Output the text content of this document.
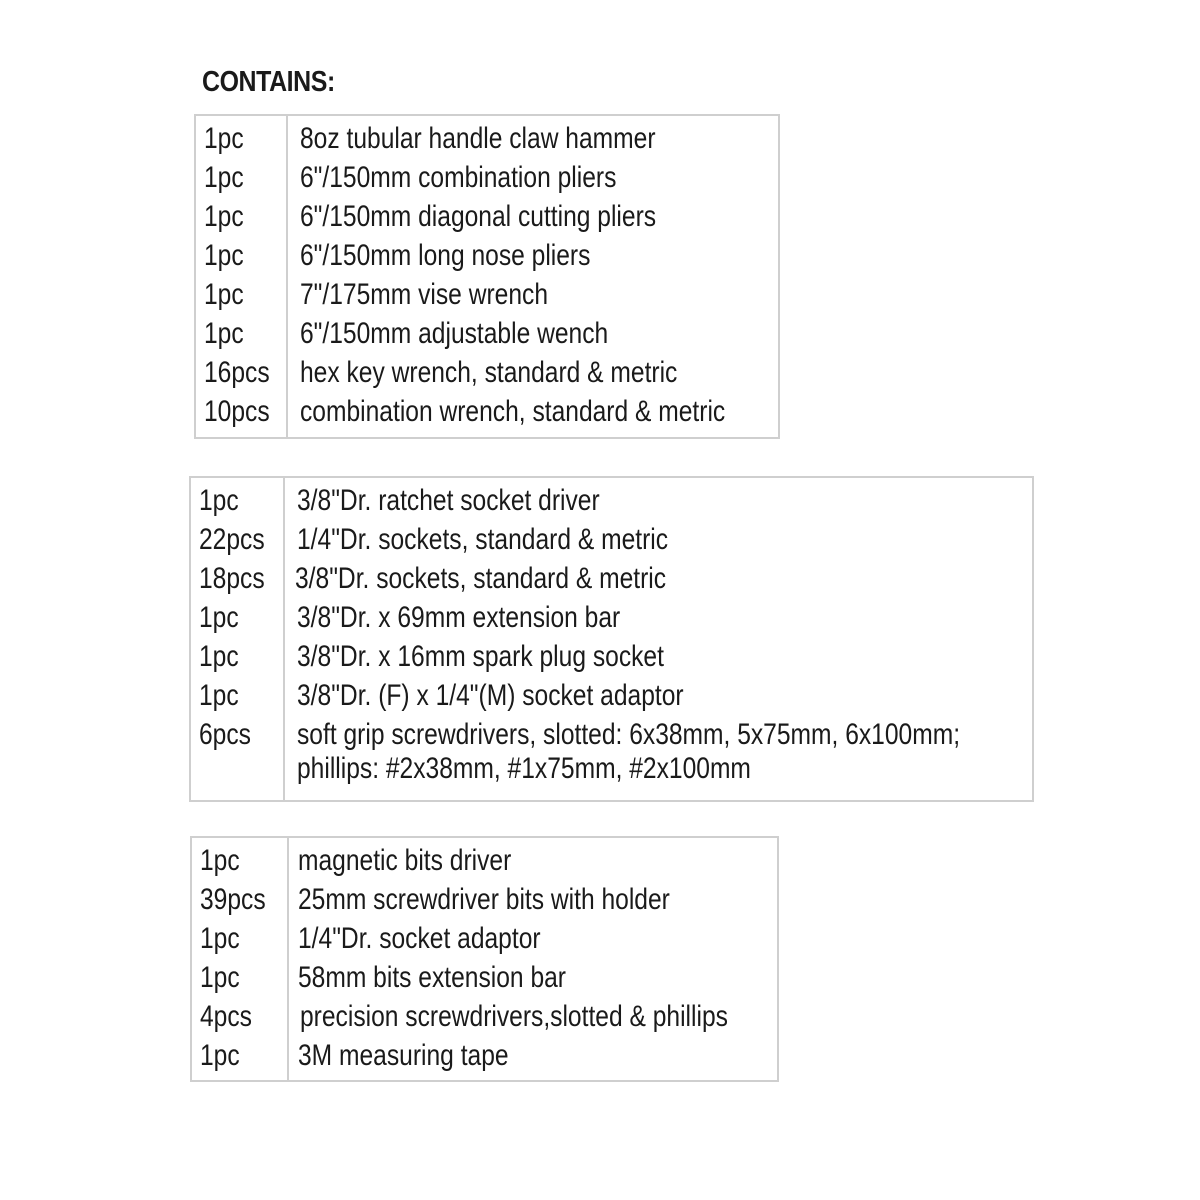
CONTAINS:
1pc 8oz tubular handle claw hammer
1pc 6"/150mm combination pliers
1pc 6"/150mm diagonal cutting pliers
1pc 6"/150mm long nose pliers
1pc 7"/175mm vise wrench
1pc 6"/150mm adjustable wench
16pcs hex key wrench, standard & metric
10pcs combination wrench, standard & metric
1pc 3/8"Dr. ratchet socket driver
22pcs 1/4"Dr. sockets, standard & metric
18pcs 3/8"Dr. sockets, standard & metric
1pc 3/8"Dr. x 69mm extension bar
1pc 3/8"Dr. x 16mm spark plug socket
1pc 3/8"Dr. (F) x 1/4"(M) socket adaptor
6pcs soft grip screwdrivers, slotted: 6x38mm, 5x75mm, 6x100mm;
phillips: #2x38mm, #1x75mm, #2x100mm
1pc magnetic bits driver
39pcs 25mm screwdriver bits with holder
1pc 1/4"Dr. socket adaptor
1pc 58mm bits extension bar
4pcs precision screwdrivers,slotted & phillips
1pc 3M measuring tape
